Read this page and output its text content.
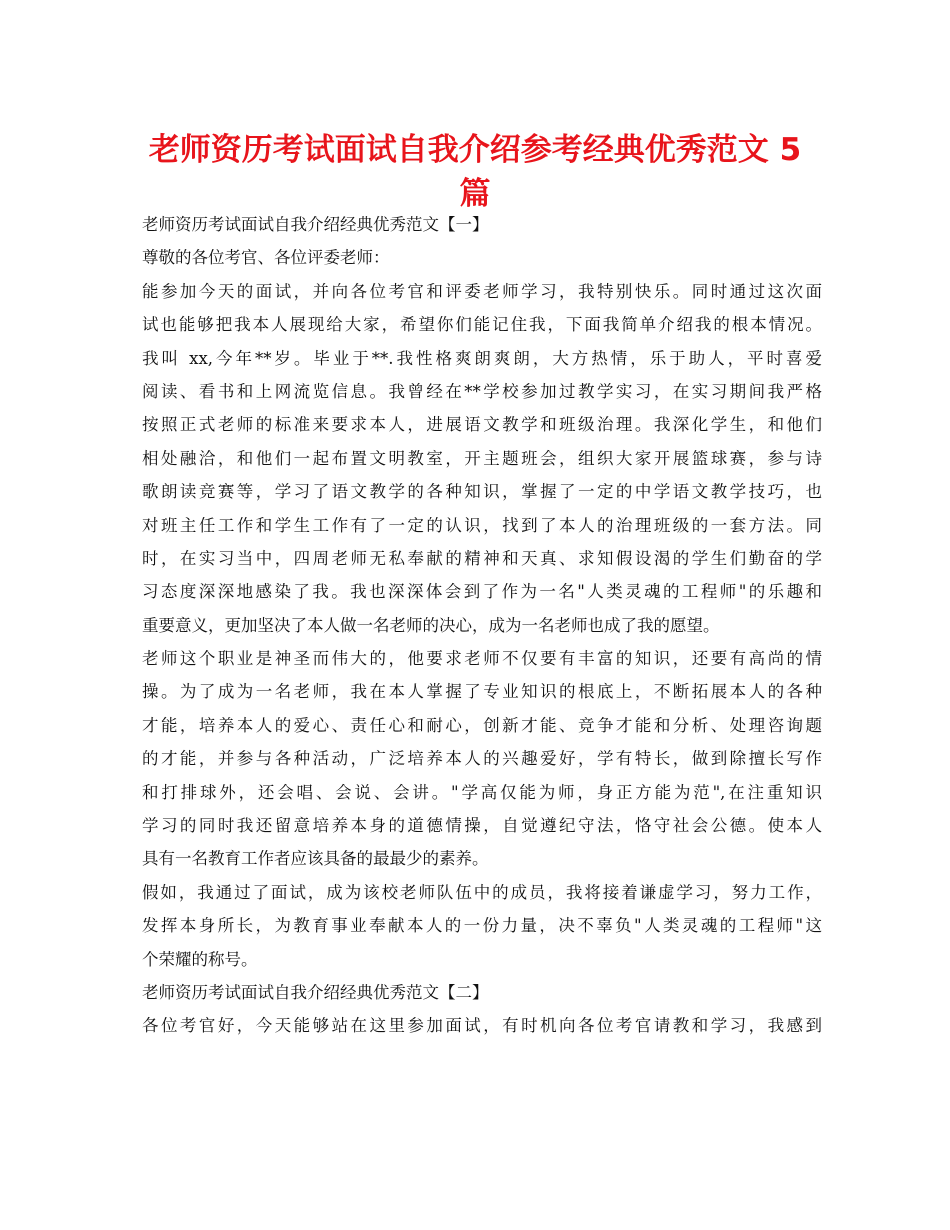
老师资历考试面试自我介绍参考经典优秀范文 5
篇
老师资历考试面试自我介绍经典优秀范文【一】
尊敬的各位考官、各位评委老师：
能参加今天的面试，并向各位考官和评委老师学习，我特别快乐。同时通过这次面
试也能够把我本人展现给大家，希望你们能记住我，下面我简单介绍我的根本情况。
我叫 xx,今年**岁。毕业于**.我性格爽朗爽朗，大方热情，乐于助人，平时喜爱
阅读、看书和上网流览信息。我曾经在**学校参加过教学实习，在实习期间我严格
按照正式老师的标准来要求本人，进展语文教学和班级治理。我深化学生，和他们
相处融洽，和他们一起布置文明教室，开主题班会，组织大家开展篮球赛，参与诗
歌朗读竞赛等，学习了语文教学的各种知识，掌握了一定的中学语文教学技巧，也
对班主任工作和学生工作有了一定的认识，找到了本人的治理班级的一套方法。同
时，在实习当中，四周老师无私奉献的精神和天真、求知假设渴的学生们勤奋的学
习态度深深地感染了我。我也深深体会到了作为一名"人类灵魂的工程师"的乐趣和
重要意义，更加坚决了本人做一名老师的决心，成为一名老师也成了我的愿望。
老师这个职业是神圣而伟大的，他要求老师不仅要有丰富的知识，还要有高尚的情
操。为了成为一名老师，我在本人掌握了专业知识的根底上，不断拓展本人的各种
才能，培养本人的爱心、责任心和耐心，创新才能、竞争才能和分析、处理咨询题
的才能，并参与各种活动，广泛培养本人的兴趣爱好，学有特长，做到除擅长写作
和打排球外，还会唱、会说、会讲。"学高仅能为师，身正方能为范",在注重知识
学习的同时我还留意培养本身的道德情操，自觉遵纪守法，恪守社会公德。使本人
具有一名教育工作者应该具备的最最少的素养。
假如，我通过了面试，成为该校老师队伍中的成员，我将接着谦虚学习，努力工作，
发挥本身所长，为教育事业奉献本人的一份力量，决不辜负"人类灵魂的工程师"这
个荣耀的称号。
老师资历考试面试自我介绍经典优秀范文【二】
各位考官好，今天能够站在这里参加面试，有时机向各位考官请教和学习，我感到
